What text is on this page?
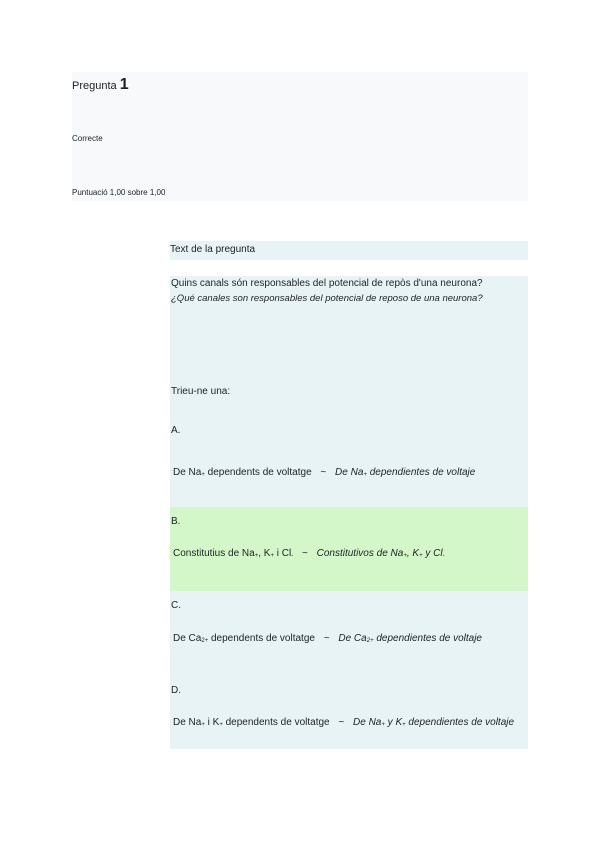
Pregunta 1
Correcte
Puntuació 1,00 sobre 1,00
Text de la pregunta
Quins canals són responsables del potencial de repòs d'una neurona?
¿Qué canales son responsables del potencial de reposo de una neurona?
Trieu-ne una:
A.
De $Na_+$ dependents de voltatge ~ De $Na_+$ dependientes de voltaje
B.
Constitutius de $Na_+$, $K_+$ i $Cl_-$ ~ Constitutivos de $Na_+$, $K_+$ y $Cl_-$
C.
De $Ca_{2+}$ dependents de voltatge ~ De $Ca_{2+}$ dependientes de voltaje
D.
De $Na_+$ i $K_+$ dependents de voltatge ~ De $Na_+$ y $K_+$ dependientes de voltaje
